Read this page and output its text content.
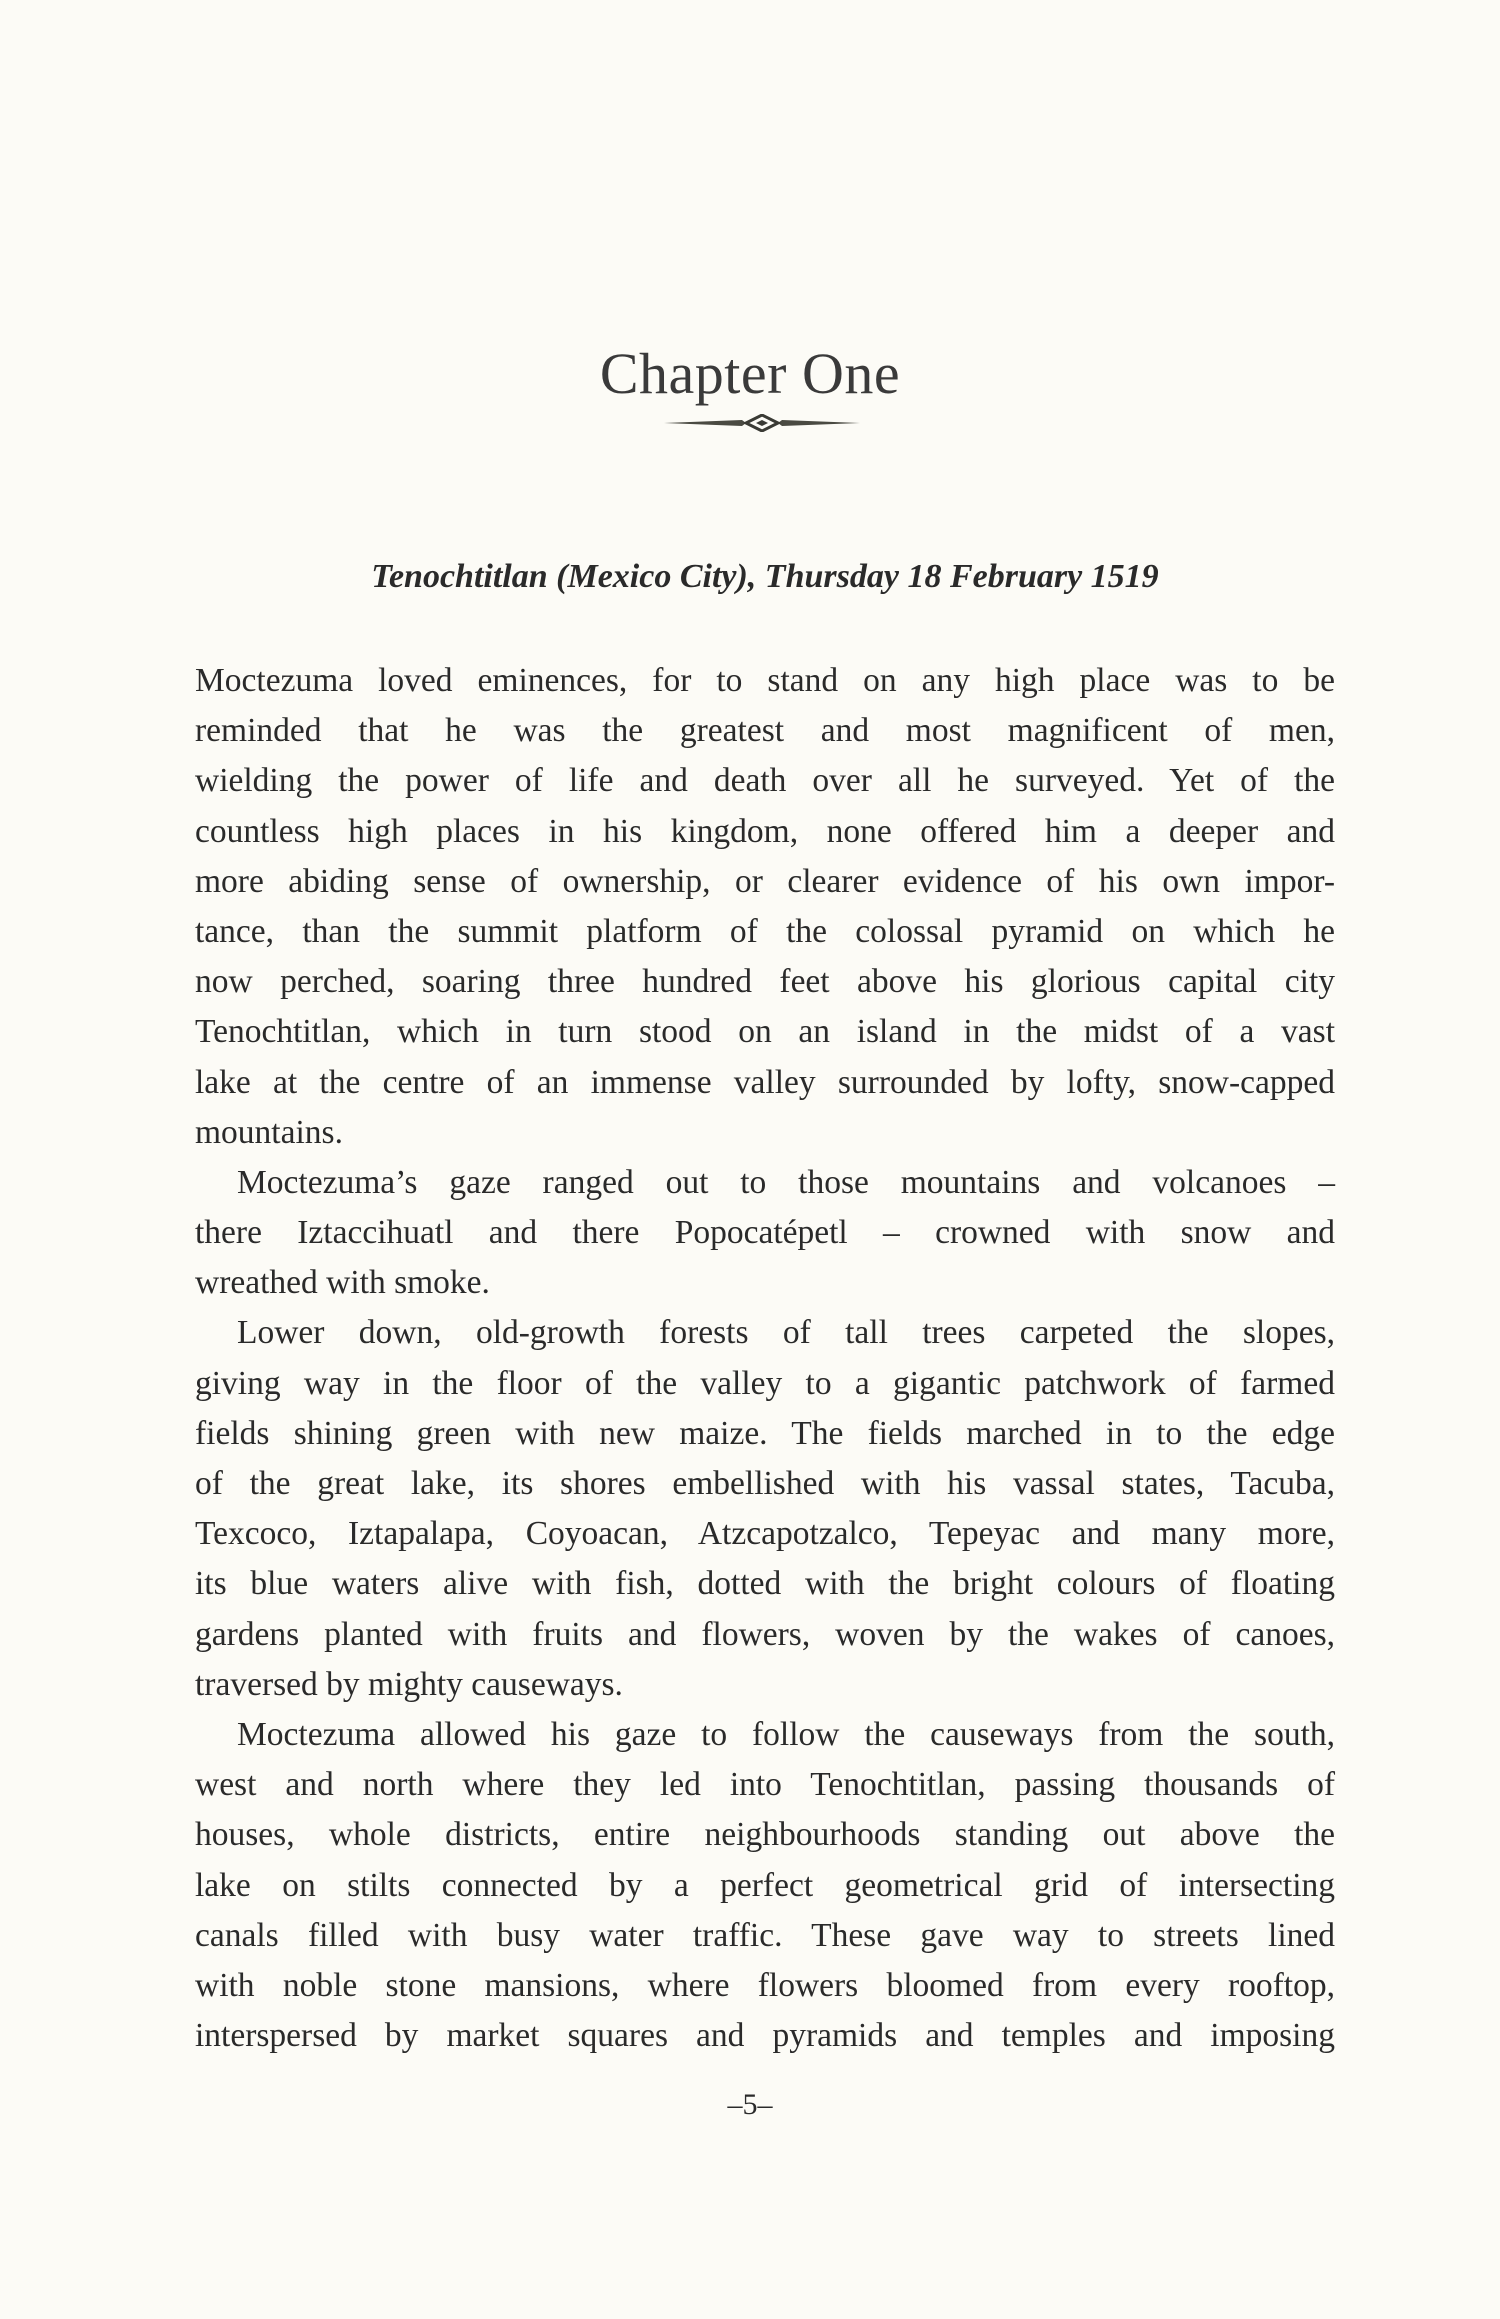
Chapter One
Tenochtitlan (Mexico City), Thursday 18 February 1519
Moctezuma loved eminences, for to stand on any high place was to be
reminded that he was the greatest and most magnificent of men,
wielding the power of life and death over all he surveyed. Yet of the
countless high places in his kingdom, none offered him a deeper and
more abiding sense of ownership, or clearer evidence of his own impor-
tance, than the summit platform of the colossal pyramid on which he
now perched, soaring three hundred feet above his glorious capital city
Tenochtitlan, which in turn stood on an island in the midst of a vast
lake at the centre of an immense valley surrounded by lofty, snow-capped
mountains.
Moctezuma’s gaze ranged out to those mountains and volcanoes –
there Iztaccihuatl and there Popocatépetl – crowned with snow and
wreathed with smoke.
Lower down, old-growth forests of tall trees carpeted the slopes,
giving way in the floor of the valley to a gigantic patchwork of farmed
fields shining green with new maize. The fields marched in to the edge
of the great lake, its shores embellished with his vassal states, Tacuba,
Texcoco, Iztapalapa, Coyoacan, Atzcapotzalco, Tepeyac and many more,
its blue waters alive with fish, dotted with the bright colours of floating
gardens planted with fruits and flowers, woven by the wakes of canoes,
traversed by mighty causeways.
Moctezuma allowed his gaze to follow the causeways from the south,
west and north where they led into Tenochtitlan, passing thousands of
houses, whole districts, entire neighbourhoods standing out above the
lake on stilts connected by a perfect geometrical grid of intersecting
canals filled with busy water traffic. These gave way to streets lined
with noble stone mansions, where flowers bloomed from every rooftop,
interspersed by market squares and pyramids and temples and imposing
–5–
